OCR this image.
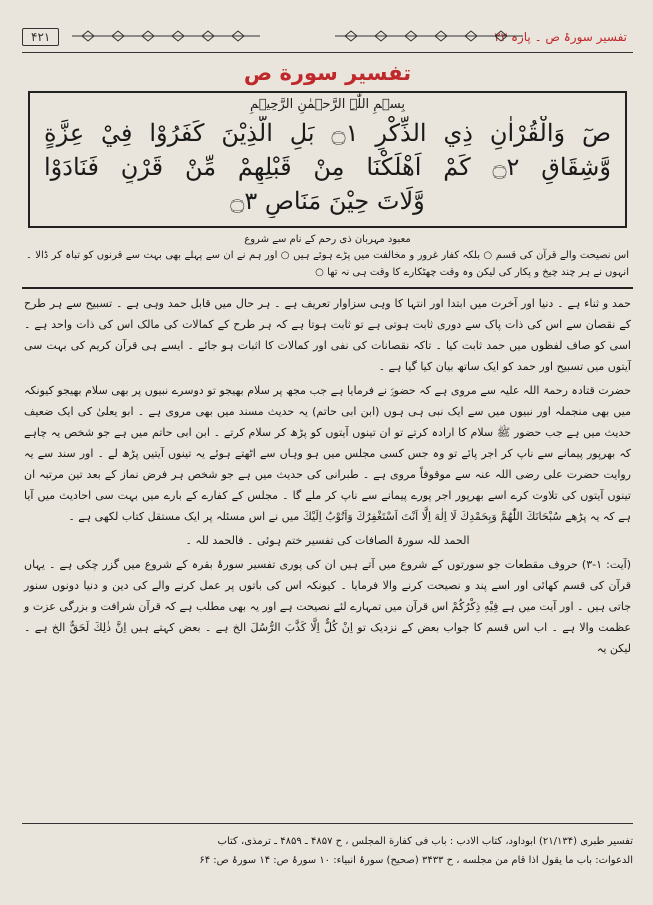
تفسیر سورۂ ص ۔ پارہ ۲۳
۴۲۱
تفسیر سورة ص
بِسۡمِ اللّٰہِ الرَّحۡمٰنِ الرَّحِیۡمِ
صٓ وَالْقُرْاٰنِ ذِي الذِّكْرِ ۝١ بَلِ الَّذِيْنَ كَفَرُوْا فِيْ عِزَّةٍ
وَّشِقَاقٍ ۝٢ كَمْ اَهْلَكْنَا مِنْ قَبْلِهِمْ مِّنْ قَرْنٍ فَنَادَوْا
وَّلَاتَ حِيْنَ مَنَاصٍ ۝٣
معبود مہربان ذی رحم کے نام سے شروع
اس نصیحت والے قرآن کی قسم ○ بلکہ کفار غرور و مخالفت میں پڑے ہوئے ہیں ○ اور ہم نے ان سے پہلے بھی بہت سے قرنوں کو تباہ کر ڈالا ۔ انہوں نے ہر چند چیخ و پکار کی لیکن وہ وقت چھٹکارے کا وقت ہی نہ تھا ○

حمد و ثناء ہے ۔ دنیا اور آخرت میں ابتدا اور انتہا کا وہی سزاوار تعریف ہے ۔ ہر حال میں قابل حمد وہی ہے ۔ تسبیح سے ہر طرح کے نقصان سے اس کی ذات پاک سے دوری ثابت ہوتی ہے تو ثابت ہوتا ہے کہ ہر طرح کے کمالات کی مالک اس کی ذات واحد ہے ۔ اسی کو صاف لفظوں میں حمد ثابت کیا ۔ تاکہ نقصانات کی نفی اور کمالات کا اثبات ہو جائے ۔ ایسے ہی قرآن کریم کی بہت سی آیتوں میں تسبیح اور حمد کو ایک ساتھ بیان کیا گیا ہے ۔

حضرت قتادہ رحمۃ اللہ علیہ سے مروی ہے کہ حضورؐ نے فرمایا ہے جب مجھ پر سلام بھیجو تو دوسرے نبیوں پر بھی سلام بھیجو کیونکہ میں بھی منجملہ اور نبیوں میں سے ایک نبی ہی ہوں (ابن ابی حاتم) یہ حدیث مسند میں بھی مروی ہے ۔ ابو یعلیٰ کی ایک ضعیف حدیث میں ہے جب حضور ﷺ سلام کا ارادہ کرتے تو ان تینوں آیتوں کو پڑھ کر سلام کرتے ۔ ابن ابی حاتم میں ہے جو شخص یہ چاہے کہ بھرپور پیمانے سے ناپ کر اجر پائے تو وہ جس کسی مجلس میں ہو وہاں سے اٹھتے ہوئے یہ تینوں آیتیں پڑھ لے ۔ اور سند سے یہ روایت حضرت علی رضی اللہ عنہ سے موقوفاً مروی ہے ۔ طبرانی کی حدیث میں ہے جو شخص ہر فرض نماز کے بعد تین مرتبہ ان تینوں آیتوں کی تلاوت کرے اسے بھرپور اجر پورے پیمانے سے ناپ کر ملے گا ۔ مجلس کے کفارے کے بارے میں بہت سی احادیث میں آیا ہے کہ یہ پڑھے سُبْحَانَكَ اللّٰهُمَّ وَبِحَمْدِكَ لَا اِلٰهَ اِلَّا اَنْتَ اَسْتَغْفِرُكَ وَاَتُوْبُ اِلَيْكَ میں نے اس مسئلہ پر ایک مستقل کتاب لکھی ہے ۔

الحمد للہ سورۃ الصافات کی تفسیر ختم ہوئی ۔ فالحمد للہ ۔

(آیت: ۱-۳) حروف مقطعات جو سورتوں کے شروع میں آتے ہیں ان کی پوری تفسیر سورۂ بقرہ کے شروع میں گزر چکی ہے ۔ یہاں قرآن کی قسم کھائی اور اسے پند و نصیحت کرنے والا فرمایا ۔ کیونکہ اس کی باتوں پر عمل کرنے والے کی دین و دنیا دونوں سنور جاتی ہیں ۔ اور آیت میں ہے فِيْهِ ذِكْرُكُمْ اس قرآن میں تمہارے لئے نصیحت ہے اور یہ بھی مطلب ہے کہ قرآن شرافت و بزرگی عزت و عظمت والا ہے ۔ اب اس قسم کا جواب بعض کے نزدیک تو اِنْ كُلٌّ اِلَّا كَذَّبَ الرُّسُلَ الخ ہے ۔ بعض کہتے ہیں اِنَّ ذٰلِكَ لَحَقٌّ الخ ہے ۔ لیکن یہ

تفسیر طبری (۲۱/۱۳۴) ابوداود، کتاب الادب : باب فی کفارة المجلس ، ح ۴۸۵۷ ـ ۴۸۵۹ ـ ترمذی، کتاب
الدعوات: باب ما یقول اذا قام من مجلسه ، ح ۳۴۳۳ (صحیح) سورۂ انبیاء: ۱۰ سورۂ ص: ۱۴ سورۂ ص: ۶۴
